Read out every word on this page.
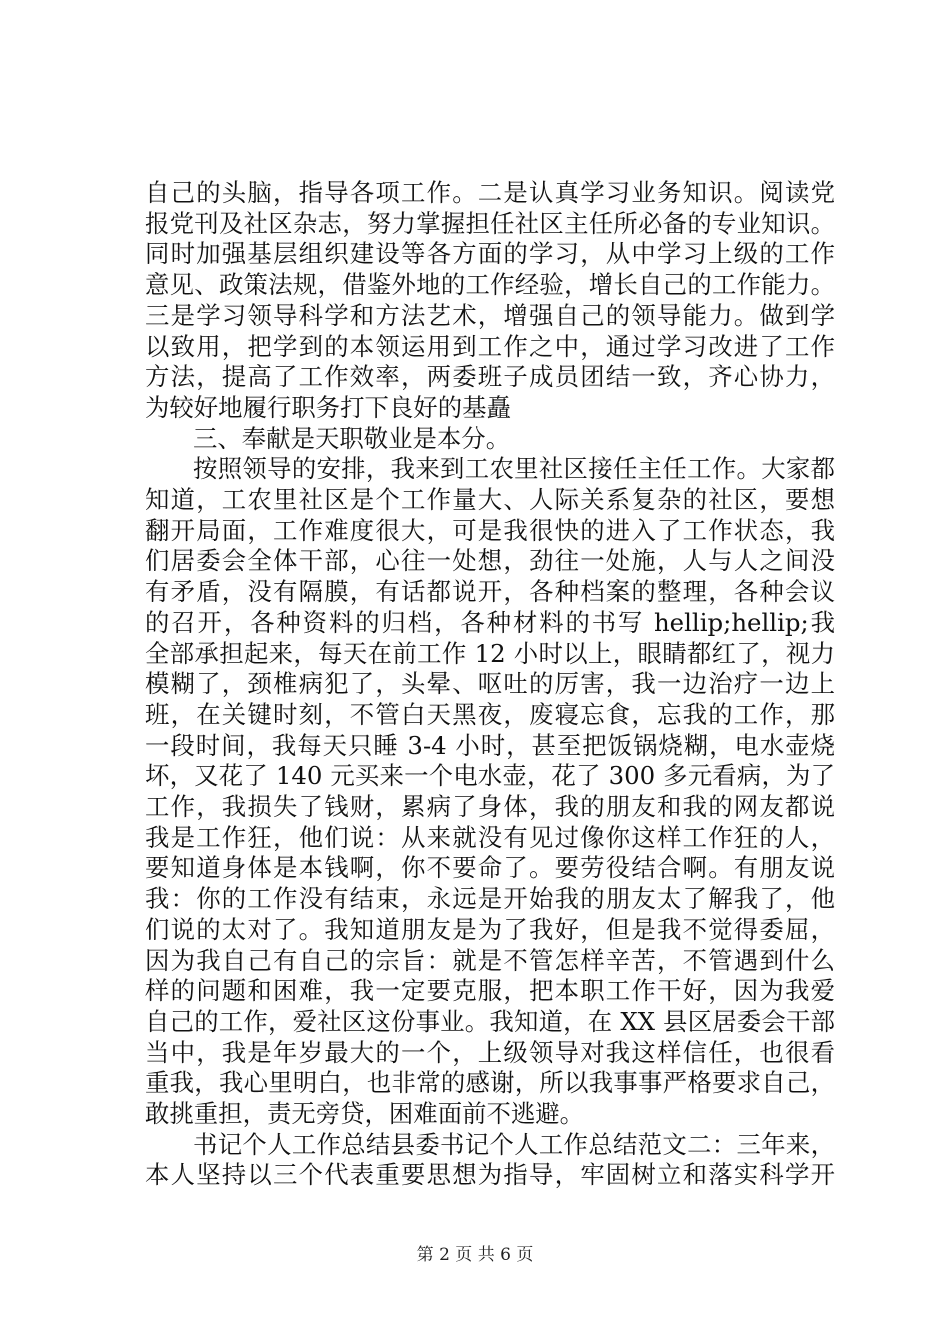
自己的头脑，指导各项工作。二是认真学习业务知识。阅读党
报党刊及社区杂志，努力掌握担任社区主任所必备的专业知识。
同时加强基层组织建设等各方面的学习，从中学习上级的工作
意见、政策法规，借鉴外地的工作经验，增长自己的工作能力。
三是学习领导科学和方法艺术，增强自己的领导能力。做到学
以致用，把学到的本领运用到工作之中，通过学习改进了工作
方法，提高了工作效率，两委班子成员团结一致，齐心协力，
为较好地履行职务打下良好的基矗
三、奉献是天职敬业是本分。
按照领导的安排，我来到工农里社区接任主任工作。大家都
知道，工农里社区是个工作量大、人际关系复杂的社区，要想
翻开局面，工作难度很大，可是我很快的进入了工作状态，我
们居委会全体干部，心往一处想，劲往一处施，人与人之间没
有矛盾，没有隔膜，有话都说开，各种档案的整理，各种会议
的召开，各种资料的归档，各种材料的书写 hellip;hellip;我
全部承担起来，每天在前工作 12 小时以上，眼睛都红了，视力
模糊了，颈椎病犯了，头晕、呕吐的厉害，我一边治疗一边上
班，在关键时刻，不管白天黑夜，废寝忘食，忘我的工作，那
一段时间，我每天只睡 3-4 小时，甚至把饭锅烧糊，电水壶烧
坏，又花了 140 元买来一个电水壶，花了 300 多元看病，为了
工作，我损失了钱财，累病了身体，我的朋友和我的网友都说
我是工作狂，他们说：从来就没有见过像你这样工作狂的人，
要知道身体是本钱啊，你不要命了。要劳役结合啊。有朋友说
我：你的工作没有结束，永远是开始我的朋友太了解我了，他
们说的太对了。我知道朋友是为了我好，但是我不觉得委屈，
因为我自己有自己的宗旨：就是不管怎样辛苦，不管遇到什么
样的问题和困难，我一定要克服，把本职工作干好，因为我爱
自己的工作，爱社区这份事业。我知道，在 XX 县区居委会干部
当中，我是年岁最大的一个，上级领导对我这样信任，也很看
重我，我心里明白，也非常的感谢，所以我事事严格要求自己，
敢挑重担，责无旁贷，困难面前不逃避。
书记个人工作总结县委书记个人工作总结范文二：三年来，
本人坚持以三个代表重要思想为指导，牢固树立和落实科学开
第 2 页 共 6 页
